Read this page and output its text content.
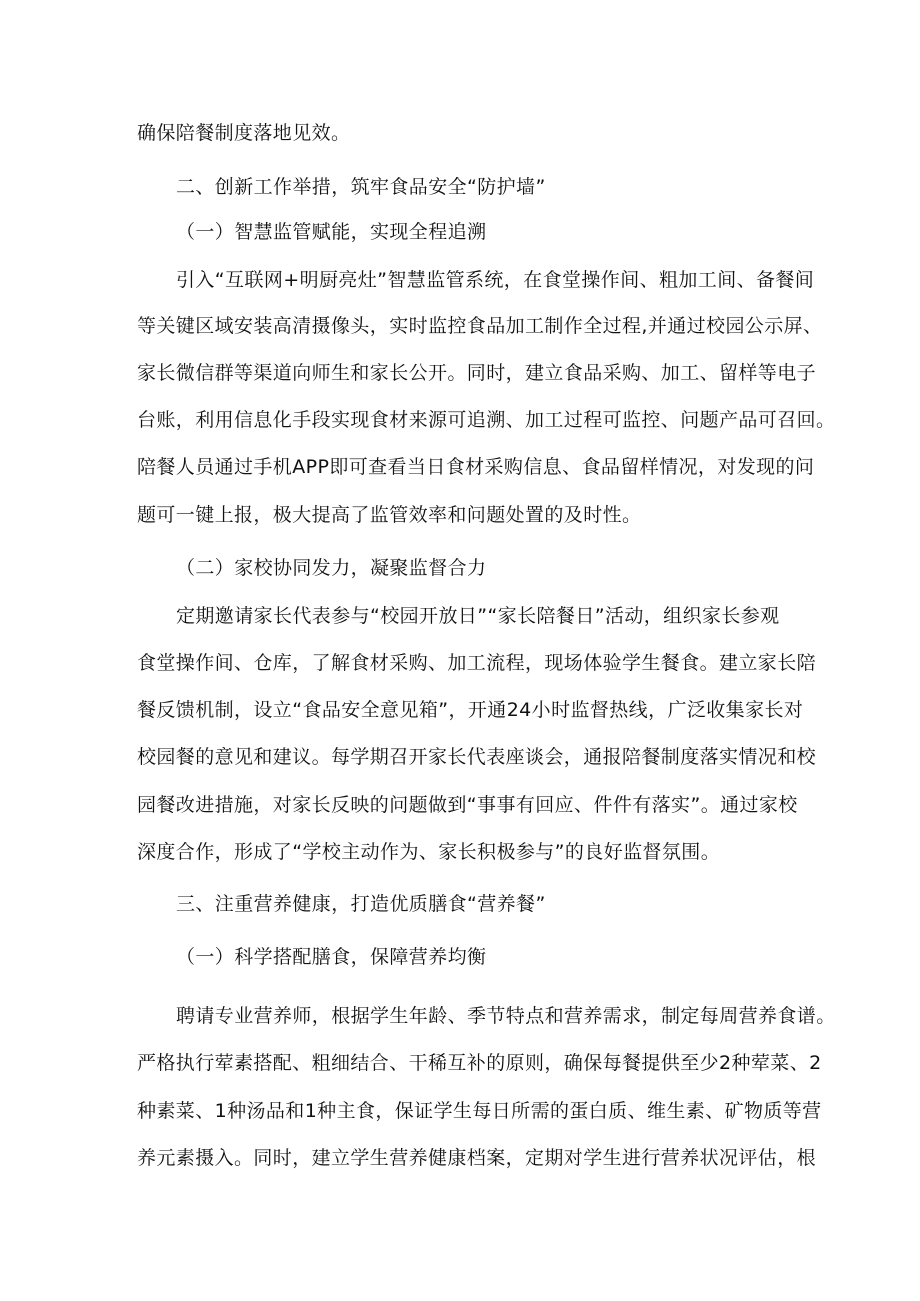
确保陪餐制度落地见效。
二、创新工作举措，筑牢食品安全“防护墙”
（一）智慧监管赋能，实现全程追溯
引入“互联网+明厨亮灶”智慧监管系统，在食堂操作间、粗加工间、备餐间
等关键区域安装高清摄像头，实时监控食品加工制作全过程,并通过校园公示屏、
家长微信群等渠道向师生和家长公开。同时，建立食品采购、加工、留样等电子
台账，利用信息化手段实现食材来源可追溯、加工过程可监控、问题产品可召回。
陪餐人员通过手机APP即可查看当日食材采购信息、食品留样情况，对发现的问
题可一键上报，极大提高了监管效率和问题处置的及时性。
（二）家校协同发力，凝聚监督合力
定期邀请家长代表参与“校园开放日”“家长陪餐日”活动，组织家长参观
食堂操作间、仓库，了解食材采购、加工流程，现场体验学生餐食。建立家长陪
餐反馈机制，设立“食品安全意见箱”，开通24小时监督热线，广泛收集家长对
校园餐的意见和建议。每学期召开家长代表座谈会，通报陪餐制度落实情况和校
园餐改进措施，对家长反映的问题做到“事事有回应、件件有落实”。通过家校
深度合作，形成了“学校主动作为、家长积极参与”的良好监督氛围。
三、注重营养健康，打造优质膳食“营养餐”
（一）科学搭配膳食，保障营养均衡
聘请专业营养师，根据学生年龄、季节特点和营养需求，制定每周营养食谱。
严格执行荤素搭配、粗细结合、干稀互补的原则，确保每餐提供至少2种荤菜、2
种素菜、1种汤品和1种主食，保证学生每日所需的蛋白质、维生素、矿物质等营
养元素摄入。同时，建立学生营养健康档案，定期对学生进行营养状况评估，根
